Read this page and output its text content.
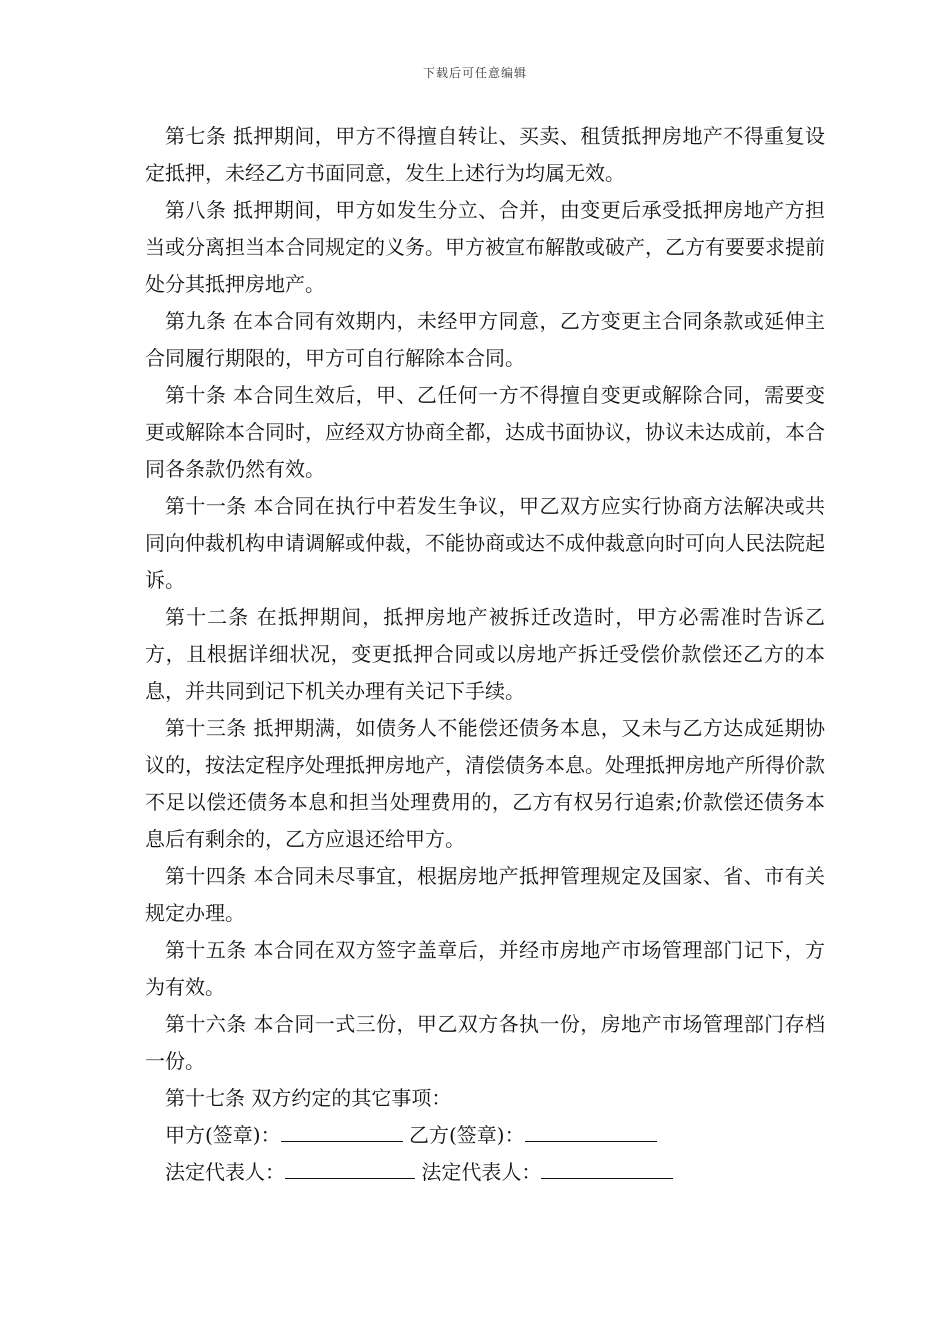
下载后可任意编辑

第七条 抵押期间，甲方不得擅自转让、买卖、租赁抵押房地产不得重复设定抵押，未经乙方书面同意，发生上述行为均属无效。

第八条 抵押期间，甲方如发生分立、合并，由变更后承受抵押房地产方担当或分离担当本合同规定的义务。甲方被宣布解散或破产，乙方有要要求提前处分其抵押房地产。

第九条 在本合同有效期内，未经甲方同意，乙方变更主合同条款或延伸主合同履行期限的，甲方可自行解除本合同。

第十条 本合同生效后，甲、乙任何一方不得擅自变更或解除合同，需要变更或解除本合同时，应经双方协商全都，达成书面协议，协议未达成前，本合同各条款仍然有效。

第十一条 本合同在执行中若发生争议，甲乙双方应实行协商方法解决或共同向仲裁机构申请调解或仲裁，不能协商或达不成仲裁意向时可向人民法院起诉。

第十二条 在抵押期间，抵押房地产被拆迁改造时，甲方必需准时告诉乙方，且根据详细状况，变更抵押合同或以房地产拆迁受偿价款偿还乙方的本息，并共同到记下机关办理有关记下手续。

第十三条 抵押期满，如债务人不能偿还债务本息，又未与乙方达成延期协议的，按法定程序处理抵押房地产，清偿债务本息。处理抵押房地产所得价款不足以偿还债务本息和担当处理费用的，乙方有权另行追索;价款偿还债务本息后有剩余的，乙方应退还给甲方。

第十四条 本合同未尽事宜，根据房地产抵押管理规定及国家、省、市有关规定办理。

第十五条 本合同在双方签字盖章后，并经市房地产市场管理部门记下，方为有效。

第十六条 本合同一式三份，甲乙双方各执一份，房地产市场管理部门存档一份。

第十七条 双方约定的其它事项：

甲方(签章)：	乙方(签章)：

法定代表人：	法定代表人：
